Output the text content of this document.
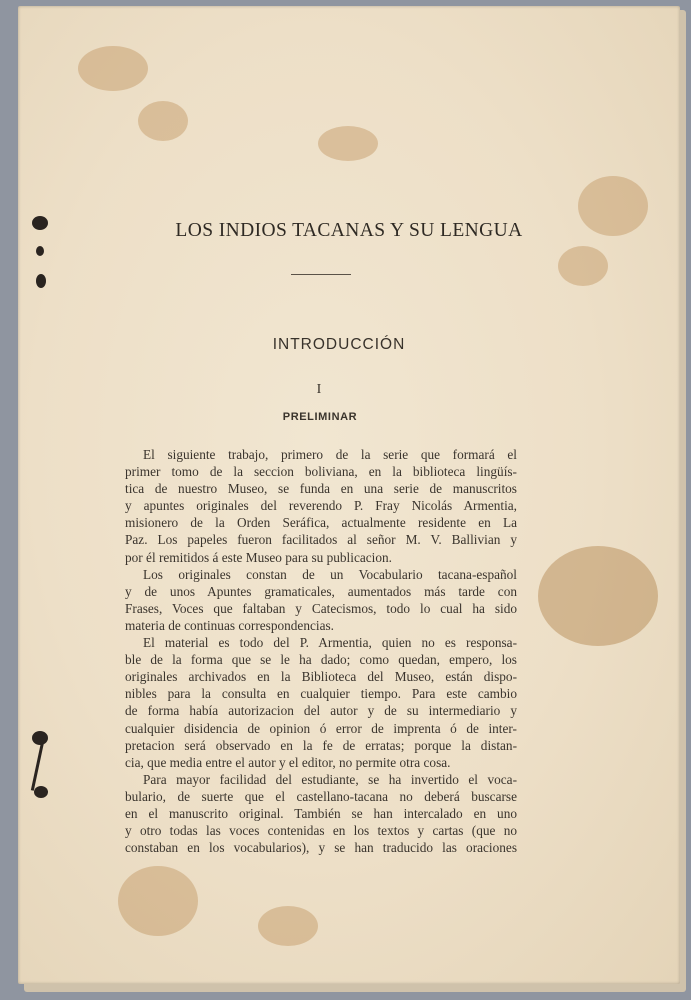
LOS INDIOS TACANAS Y SU LENGUA
INTRODUCCIÓN
I
PRELIMINAR
El siguiente trabajo, primero de la serie que formará el
primer tomo de la seccion boliviana, en la biblioteca lingüís-
tica de nuestro Museo, se funda en una serie de manuscritos
y apuntes originales del reverendo P. Fray Nicolás Armentia,
misionero de la Orden Seráfica, actualmente residente en La
Paz. Los papeles fueron facilitados al señor M. V. Ballivian y
por él remitidos á este Museo para su publicacion.
Los originales constan de un Vocabulario tacana-español
y de unos Apuntes gramaticales, aumentados más tarde con
Frases, Voces que faltaban y Catecismos, todo lo cual ha sido
materia de continuas correspondencias.
El material es todo del P. Armentia, quien no es responsa-
ble de la forma que se le ha dado; como quedan, empero, los
originales archivados en la Biblioteca del Museo, están dispo-
nibles para la consulta en cualquier tiempo. Para este cambio
de forma había autorizacion del autor y de su intermediario y
cualquier disidencia de opinion ó error de imprenta ó de inter-
pretacion será observado en la fe de erratas; porque la distan-
cia, que media entre el autor y el editor, no permite otra cosa.
Para mayor facilidad del estudiante, se ha invertido el voca-
bulario, de suerte que el castellano-tacana no deberá buscarse
en el manuscrito original. También se han intercalado en uno
y otro todas las voces contenidas en los textos y cartas (que no
constaban en los vocabularios), y se han traducido las oraciones
